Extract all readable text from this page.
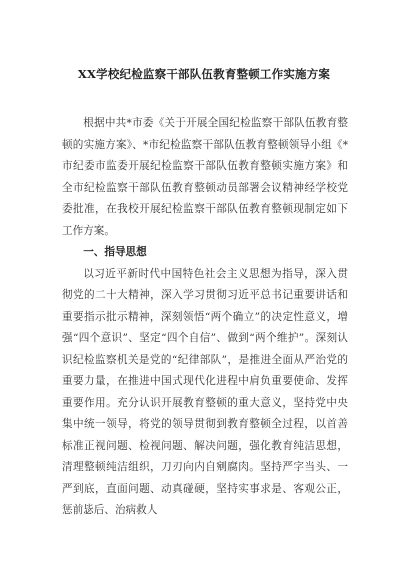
XX学校纪检监察干部队伍教育整顿工作实施方案

根据中共*市委《关于开展全国纪检监察干部队伍教育整顿的实施方案》、*市纪检监察干部队伍教育整顿领导小组《*市纪委市监委开展纪检监察干部队伍教育整顿实施方案》和全市纪检监察干部队伍教育整顿动员部署会议精神经学校党委批准，在我校开展纪检监察干部队伍教育整顿现制定如下工作方案。

一、指导思想

以习近平新时代中国特色社会主义思想为指导，深入贯彻党的二十大精神，深入学习贯彻习近平总书记重要讲话和重要指示批示精神，深刻领悟“两个确立”的决定性意义，增强“四个意识”、坚定“四个自信”、做到“两个维护”。深刻认识纪检监察机关是党的“纪律部队”，是推进全面从严治党的重要力量，在推进中国式现代化进程中肩负重要使命、发挥重要作用。充分认识开展教育整顿的重大意义，坚持党中央集中统一领导，将党的领导贯彻到教育整顿全过程，以首善标准正视问题、检视问题、解决问题，强化教育纯洁思想，清理整顿纯洁组织，刀刃向内自剜腐肉。坚持严字当头、一严到底，直面问题、动真碰硬，坚持实事求是、客观公正，惩前毖后、治病救人
